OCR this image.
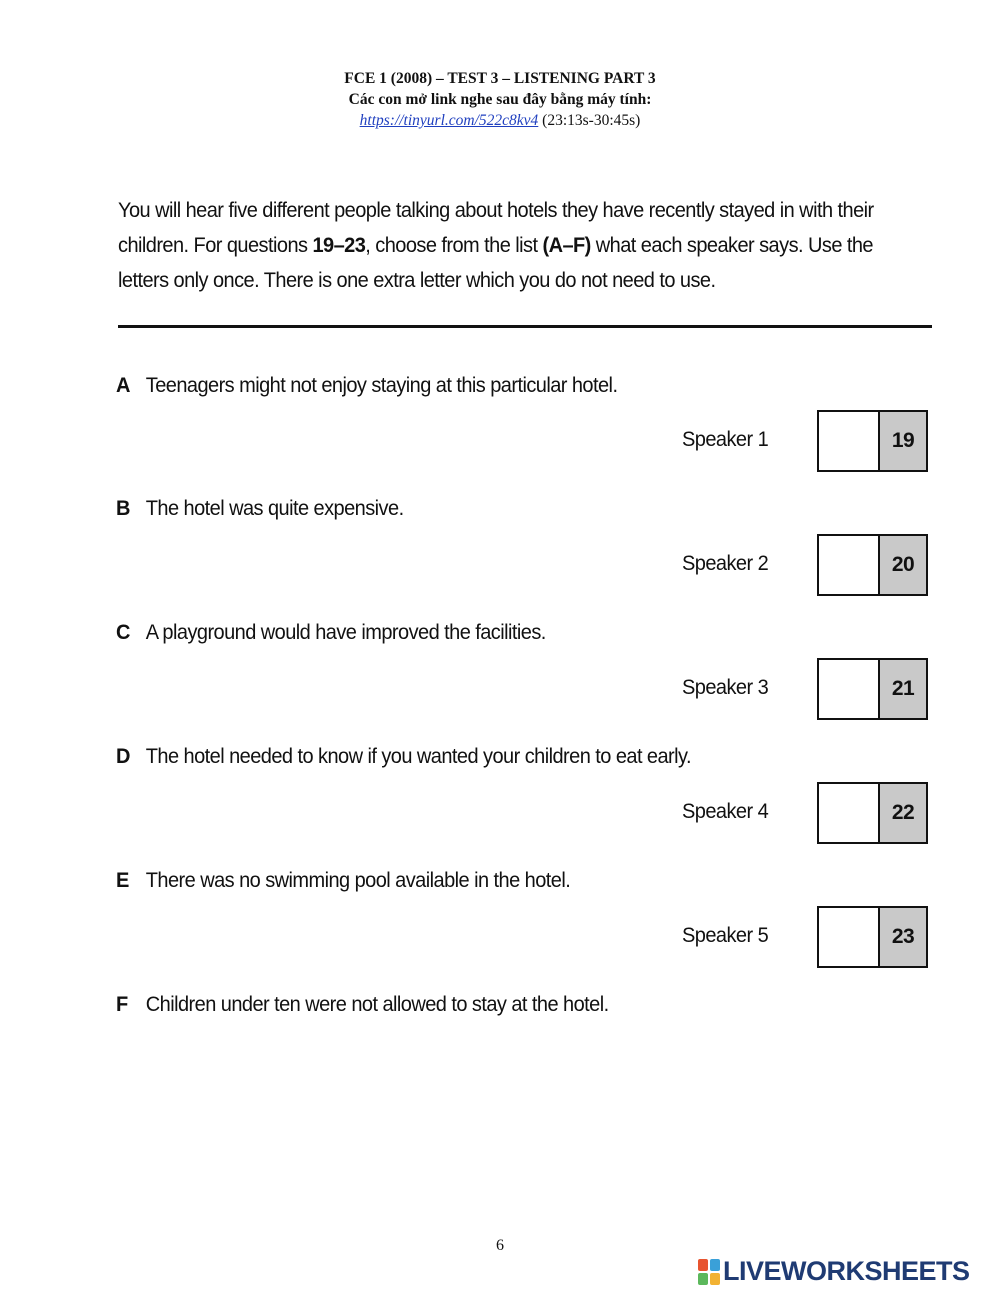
FCE 1 (2008) – TEST 3 – LISTENING PART 3
Các con mở link nghe sau đây bằng máy tính:
https://tinyurl.com/522c8kv4 (23:13s-30:45s)
You will hear five different people talking about hotels they have recently stayed in with their children. For questions 19–23, choose from the list (A–F) what each speaker says. Use the letters only once. There is one extra letter which you do not need to use.
A Teenagers might not enjoy staying at this particular hotel.
B The hotel was quite expensive.
C A playground would have improved the facilities.
D The hotel needed to know if you wanted your children to eat early.
E There was no swimming pool available in the hotel.
F Children under ten were not allowed to stay at the hotel.
Speaker 1	19
Speaker 2	20
Speaker 3	21
Speaker 4	22
Speaker 5	23
6
LIVEWORKSHEETS
